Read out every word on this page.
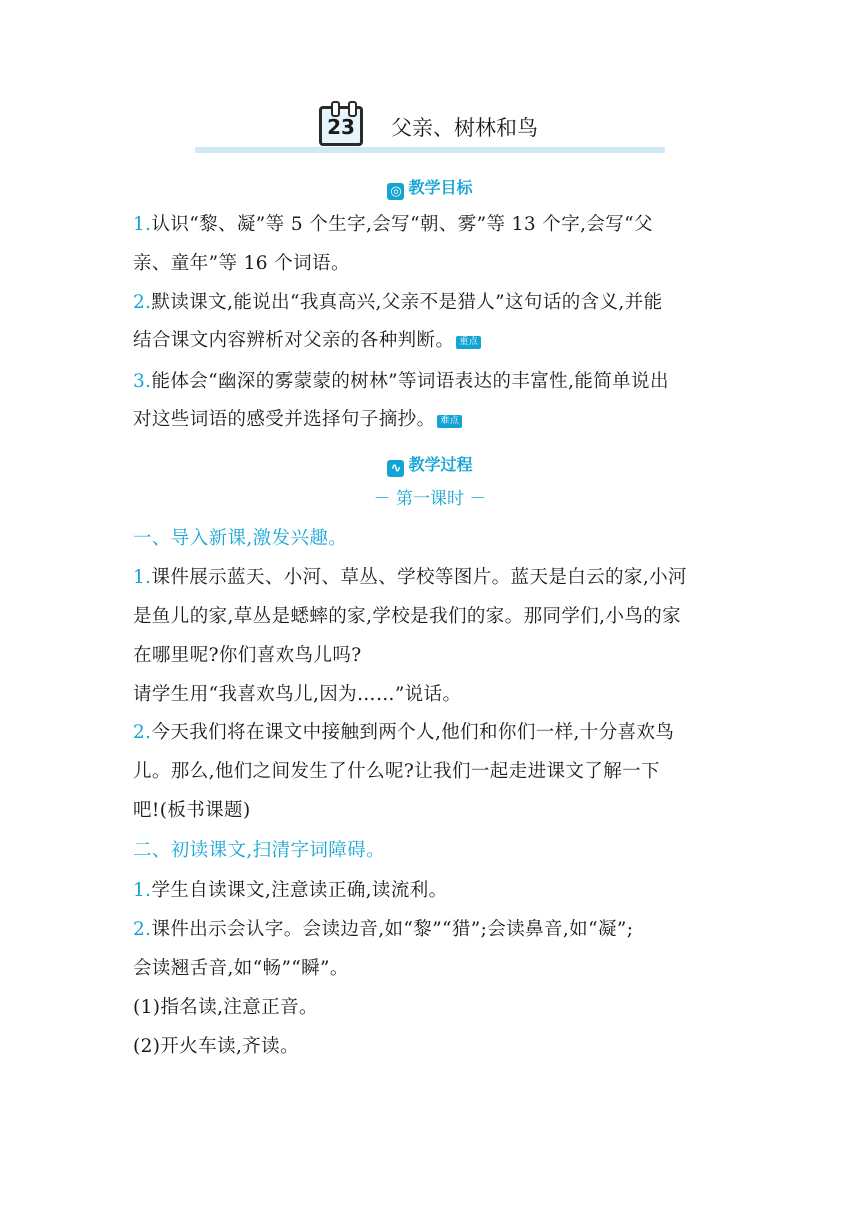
23 父亲、树林和鸟
◎ 教学目标
1.认识“黎、凝”等 5 个生字,会写“朝、雾”等 13 个字,会写“父
亲、童年”等 16 个词语。
2.默读课文,能说出“我真高兴,父亲不是猎人”这句话的含义,并能
结合课文内容辨析对父亲的各种判断。 重点
3.能体会“幽深的雾蒙蒙的树林”等词语表达的丰富性,能简单说出
对这些词语的感受并选择句子摘抄。 难点
∿ 教学过程
－ 第一课时 －
一、导入新课,激发兴趣。
1.课件展示蓝天、小河、草丛、学校等图片。蓝天是白云的家,小河
是鱼儿的家,草丛是蟋蟀的家,学校是我们的家。那同学们,小鸟的家
在哪里呢?你们喜欢鸟儿吗?
请学生用“我喜欢鸟儿,因为……”说话。
2.今天我们将在课文中接触到两个人,他们和你们一样,十分喜欢鸟
儿。那么,他们之间发生了什么呢?让我们一起走进课文了解一下
吧!(板书课题)
二、初读课文,扫清字词障碍。
1.学生自读课文,注意读正确,读流利。
2.课件出示会认字。会读边音,如“黎”“猎”;会读鼻音,如“凝”;
会读翘舌音,如“畅”“瞬”。
(1)指名读,注意正音。
(2)开火车读,齐读。
